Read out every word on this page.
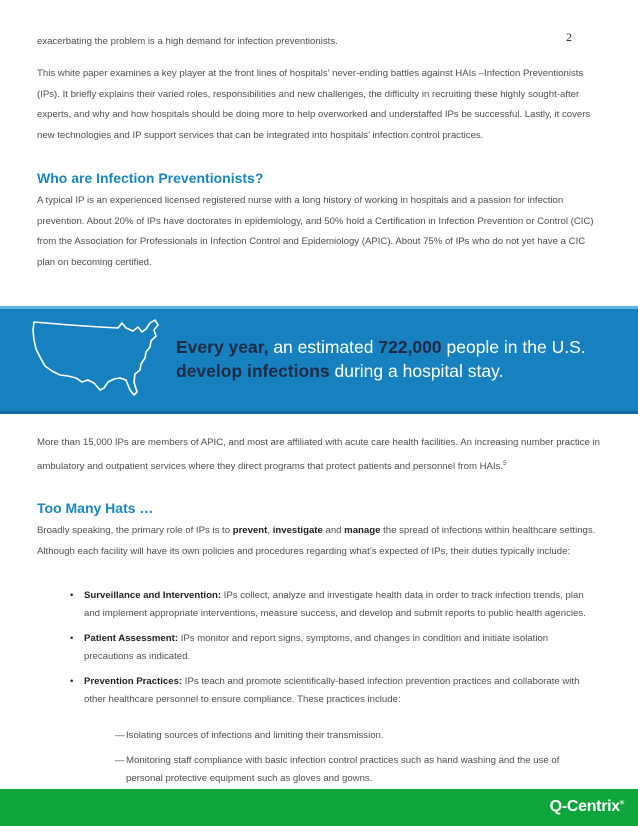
2

exacerbating the problem is a high demand for infection preventionists.

This white paper examines a key player at the front lines of hospitals’ never-ending battles against HAIs –Infection Preventionists (IPs). It briefly explains their varied roles, responsibilities and new challenges, the difficulty in recruiting these highly sought-after experts, and why and how hospitals should be doing more to help overworked and understaffed IPs be successful. Lastly, it covers new technologies and IP support services that can be integrated into hospitals’ infection control practices.

Who are Infection Preventionists?

A typical IP is an experienced licensed registered nurse with a long history of working in hospitals and a passion for infection prevention. About 20% of IPs have doctorates in epidemiology, and 50% hold a Certification in Infection Prevention or Control (CIC) from the Association for Professionals in Infection Control and Epidemiology (APIC). About 75% of IPs who do not yet have a CIC plan on becoming certified.

Every year, an estimated 722,000 people in the U.S. develop infections during a hospital stay.

More than 15,000 IPs are members of APIC, and most are affiliated with acute care health facilities. An increasing number practice in ambulatory and outpatient services where they direct programs that protect patients and personnel from HAIs.$^5$

Too Many Hats …

Broadly speaking, the primary role of IPs is to prevent, investigate and manage the spread of infections within healthcare settings. Although each facility will have its own policies and procedures regarding what’s expected of IPs, their duties typically include:

• Surveillance and Intervention: IPs collect, analyze and investigate health data in order to track infection trends, plan and implement appropriate interventions, measure success, and develop and submit reports to public health agencies.
• Patient Assessment: IPs monitor and report signs, symptoms, and changes in condition and initiate isolation precautions as indicated.
• Prevention Practices: IPs teach and promote scientifically-based infection prevention practices and collaborate with other healthcare personnel to ensure compliance. These practices include:
— Isolating sources of infections and limiting their transmission.
— Monitoring staff compliance with basic infection control practices such as hand washing and the use of personal protective equipment such as gloves and gowns.
Q-Centrix®
